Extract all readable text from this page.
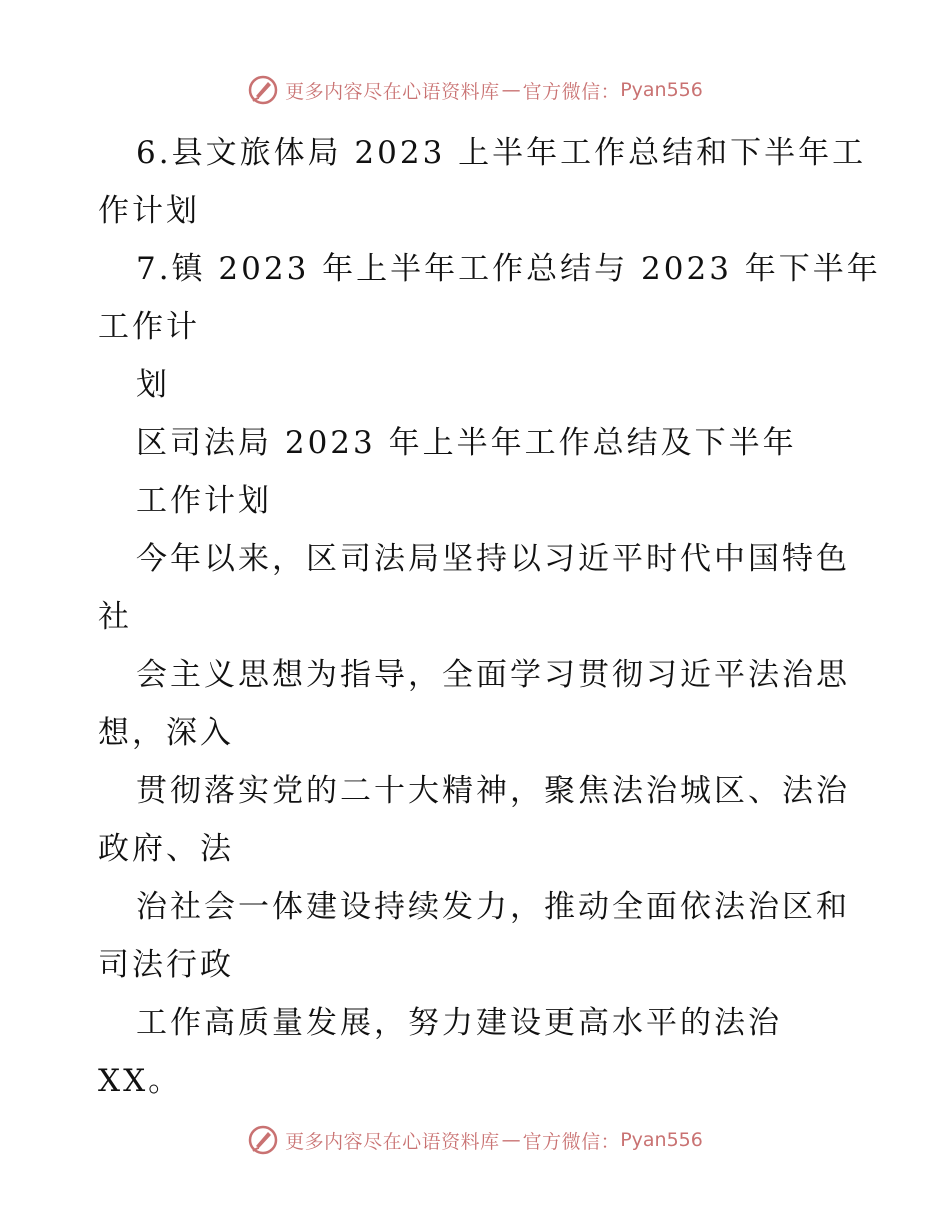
更多内容尽在心语资料库 — 官方微信： Pyan556
6.县文旅体局 2023 上半年工作总结和下半年工
作计划
7.镇 2023 年上半年工作总结与 2023 年下半年
工作计
划
区司法局 2023 年上半年工作总结及下半年
工作计划
今年以来，区司法局坚持以习近平时代中国特色
社
会主义思想为指导，全面学习贯彻习近平法治思
想，深入
贯彻落实党的二十大精神，聚焦法治城区、法治
政府、法
治社会一体建设持续发力，推动全面依法治区和
司法行政
工作高质量发展，努力建设更高水平的法治
XX。
更多内容尽在心语资料库 — 官方微信： Pyan556
